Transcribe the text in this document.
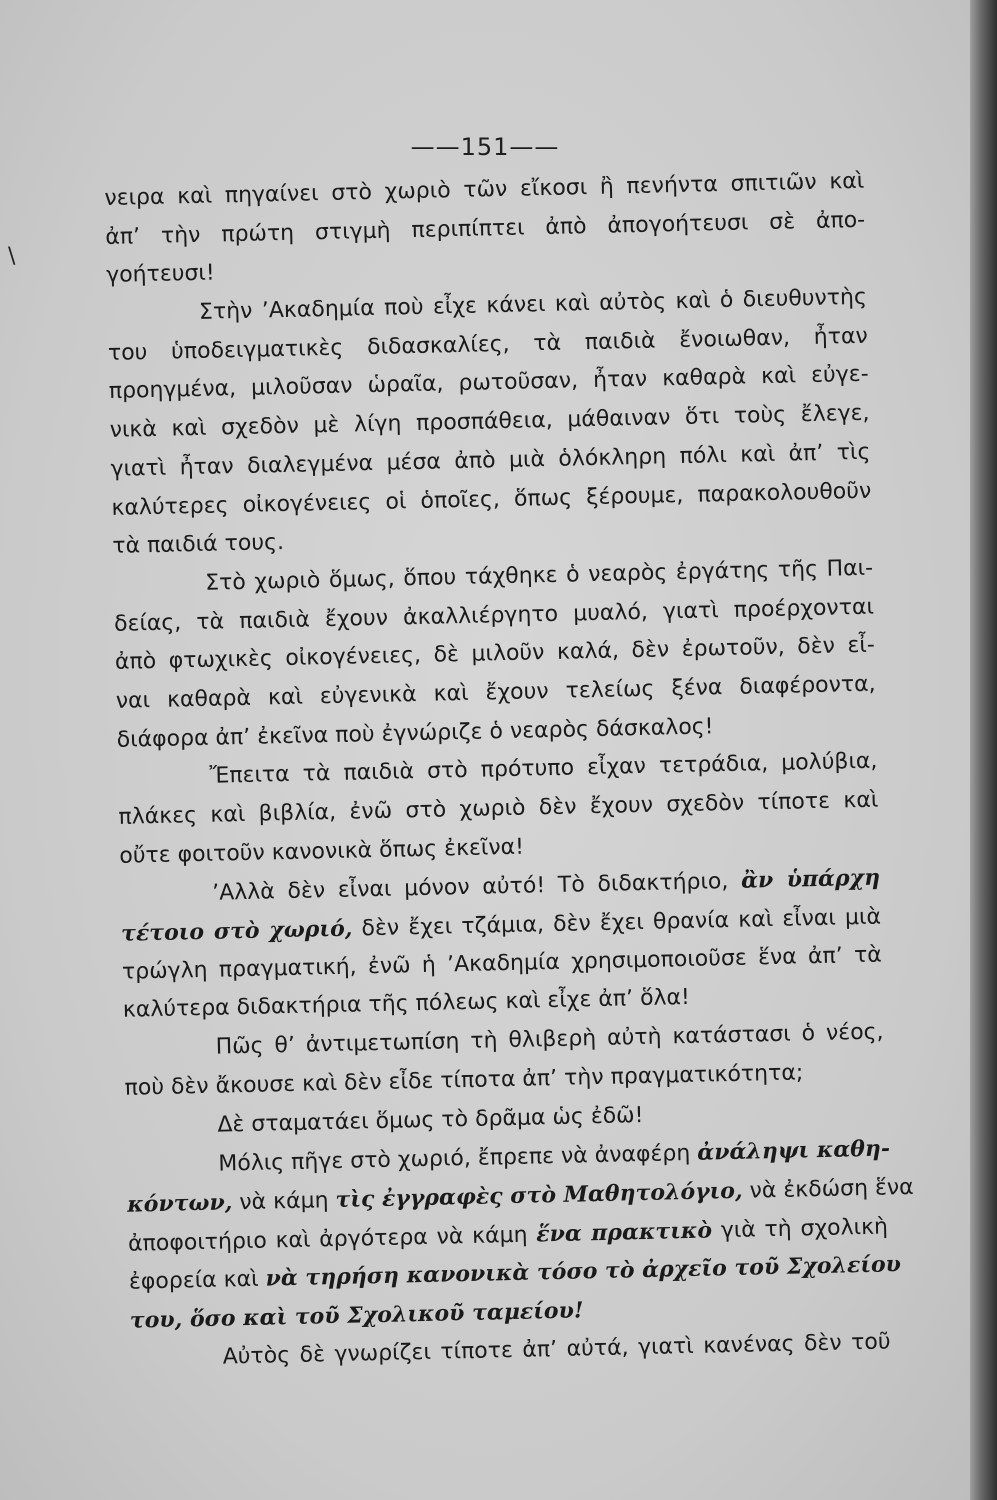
\
——151——
νειρα καὶ πηγαίνει στὸ χωριὸ τῶν εἴκοσι ἢ πενήντα σπιτιῶν καὶ
ἀπ’ τὴν πρώτη στιγμὴ περιπίπτει ἀπὸ ἀπογοήτευσι σὲ ἀπο-
γοήτευσι!
Στὴν ’Ακαδημία ποὺ εἶχε κάνει καὶ αὐτὸς καὶ ὁ διευθυντὴς
του ὑποδειγματικὲς διδασκαλίες, τὰ παιδιὰ ἔνοιωθαν, ἦταν
προηγμένα, μιλοῦσαν ὡραῖα, ρωτοῦσαν, ἦταν καθαρὰ καὶ εὐγε-
νικὰ καὶ σχεδὸν μὲ λίγη προσπάθεια, μάθαιναν ὅτι τοὺς ἔλεγε,
γιατὶ ἦταν διαλεγμένα μέσα ἀπὸ μιὰ ὁλόκληρη πόλι καὶ ἀπ’ τὶς
καλύτερες οἰκογένειες οἱ ὁποῖες, ὅπως ξέρουμε, παρακολουθοῦν
τὰ παιδιά τους.
Στὸ χωριὸ ὅμως, ὅπου τάχθηκε ὁ νεαρὸς ἐργάτης τῆς Παι-
δείας, τὰ παιδιὰ ἔχουν ἀκαλλιέργητο μυαλό, γιατὶ προέρχονται
ἀπὸ φτωχικὲς οἰκογένειες, δὲ μιλοῦν καλά, δὲν ἐρωτοῦν, δὲν εἶ-
ναι καθαρὰ καὶ εὐγενικὰ καὶ ἔχουν τελείως ξένα διαφέροντα,
διάφορα ἀπ’ ἐκεῖνα ποὺ ἐγνώριζε ὁ νεαρὸς δάσκαλος!
Ἔπειτα τὰ παιδιὰ στὸ πρότυπο εἶχαν τετράδια, μολύβια,
πλάκες καὶ βιβλία, ἐνῶ στὸ χωριὸ δὲν ἔχουν σχεδὸν τίποτε καὶ
οὔτε φοιτοῦν κανονικὰ ὅπως ἐκεῖνα!
’Αλλὰ δὲν εἶναι μόνον αὐτό! Τὸ διδακτήριο, ἂν ὑπάρχη
τέτοιο στὸ χωριό, δὲν ἔχει τζάμια, δὲν ἔχει θρανία καὶ εἶναι μιὰ
τρώγλη πραγματική, ἐνῶ ἡ ’Ακαδημία χρησιμοποιοῦσε ἕνα ἀπ’ τὰ
καλύτερα διδακτήρια τῆς πόλεως καὶ εἶχε ἀπ’ ὅλα!
Πῶς θ’ ἀντιμετωπίση τὴ θλιβερὴ αὐτὴ κατάστασι ὁ νέος,
ποὺ δὲν ἄκουσε καὶ δὲν εἶδε τίποτα ἀπ’ τὴν πραγματικότητα;
Δὲ σταματάει ὅμως τὸ δρᾶμα ὡς ἐδῶ!
Μόλις πῆγε στὸ χωριό, ἔπρεπε νὰ ἀναφέρη ἀνάληψι καθη-
κόντων, νὰ κάμη τὶς ἐγγραφὲς στὸ Μαθητολόγιο, νὰ ἐκδώση ἕνα
ἀποφοιτήριο καὶ ἀργότερα νὰ κάμη ἕνα πρακτικὸ γιὰ τὴ σχολικὴ
ἐφορεία καὶ νὰ τηρήση κανονικὰ τόσο τὸ ἀρχεῖο τοῦ Σχολείου
του, ὅσο καὶ τοῦ Σχολικοῦ ταμείου!
Αὐτὸς δὲ γνωρίζει τίποτε ἀπ’ αὐτά, γιατὶ κανένας δὲν τοῦ
